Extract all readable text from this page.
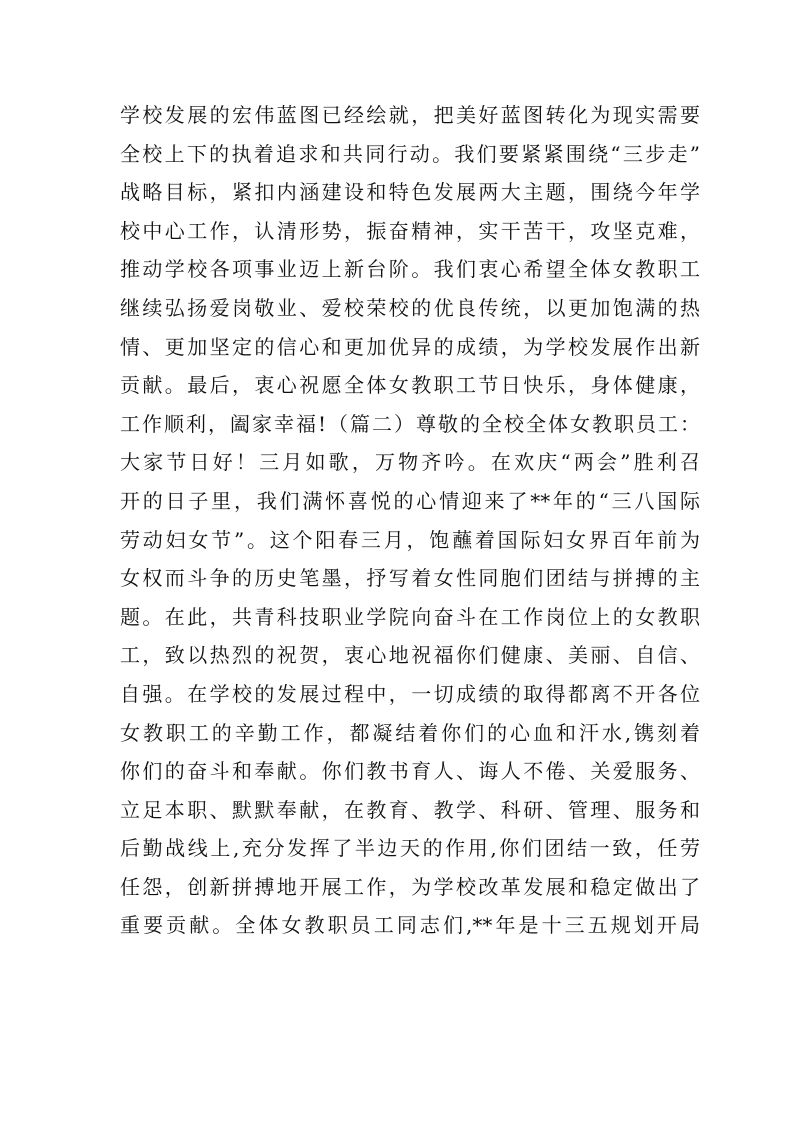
学校发展的宏伟蓝图已经绘就，把美好蓝图转化为现实需要
全校上下的执着追求和共同行动。我们要紧紧围绕“三步走”
战略目标，紧扣内涵建设和特色发展两大主题，围绕今年学
校中心工作，认清形势，振奋精神，实干苦干，攻坚克难，
推动学校各项事业迈上新台阶。我们衷心希望全体女教职工
继续弘扬爱岗敬业、爱校荣校的优良传统，以更加饱满的热
情、更加坚定的信心和更加优异的成绩，为学校发展作出新
贡献。最后，衷心祝愿全体女教职工节日快乐，身体健康，
工作顺利，阖家幸福!（篇二）尊敬的全校全体女教职员工：
大家节日好！三月如歌，万物齐吟。在欢庆“两会”胜利召
开的日子里，我们满怀喜悦的心情迎来了**年的“三八国际
劳动妇女节”。这个阳春三月，饱蘸着国际妇女界百年前为
女权而斗争的历史笔墨，抒写着女性同胞们团结与拼搏的主
题。在此，共青科技职业学院向奋斗在工作岗位上的女教职
工，致以热烈的祝贺，衷心地祝福你们健康、美丽、自信、
自强。在学校的发展过程中，一切成绩的取得都离不开各位
女教职工的辛勤工作，都凝结着你们的心血和汗水,镌刻着
你们的奋斗和奉献。你们教书育人、诲人不倦、关爱服务、
立足本职、默默奉献，在教育、教学、科研、管理、服务和
后勤战线上,充分发挥了半边天的作用,你们团结一致，任劳
任怨，创新拼搏地开展工作，为学校改革发展和稳定做出了
重要贡献。全体女教职员工同志们,**年是十三五规划开局
